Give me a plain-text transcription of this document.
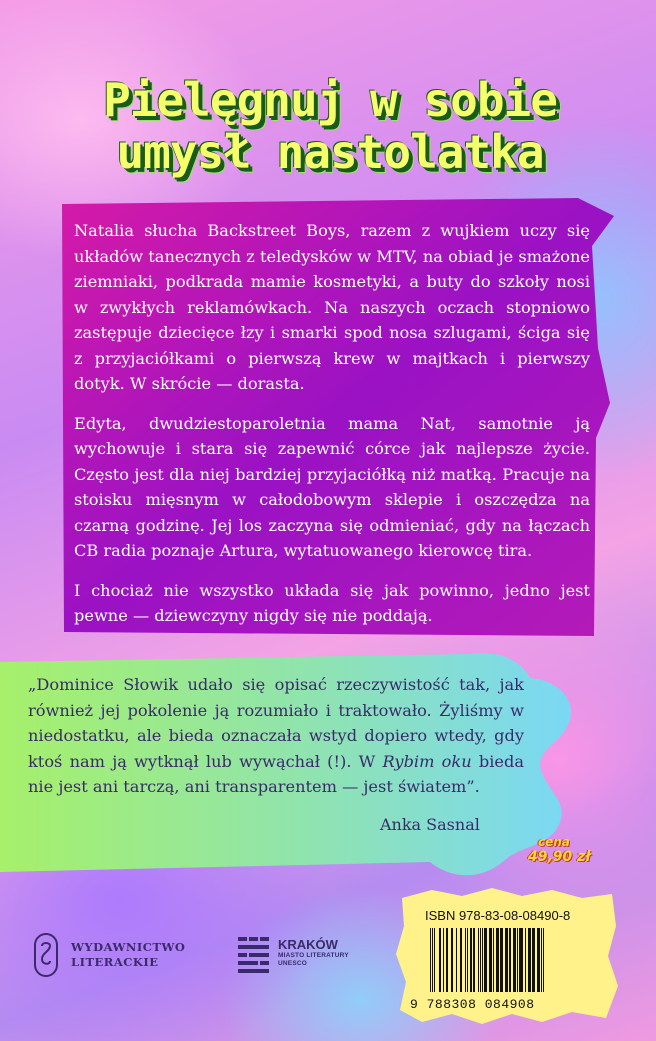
Pielęgnuj w sobie
umysł nastolatka

Natalia słucha Backstreet Boys, razem z wujkiem uczy się układów tanecznych z teledysków w MTV, na obiad je smażone ziemniaki, podkrada mamie kosmetyki, a buty do szkoły nosi w zwykłych reklamówkach. Na naszych oczach stopniowo zastępuje dziecięce łzy i smarki spod nosa szlugami, ściga się z przyjaciółkami o pierwszą krew w majtkach i pierwszy dotyk. W skrócie — dorasta.

Edyta, dwudziestoparoletnia mama Nat, samotnie ją wychowuje i stara się zapewnić córce jak najlepsze życie. Często jest dla niej bardziej przyjaciółką niż matką. Pracuje na stoisku mięsnym w całodobowym sklepie i oszczędza na czarną godzinę. Jej los zaczyna się odmieniać, gdy na łączach CB radia poznaje Artura, wytatuowanego kierowcę tira.

I chociaż nie wszystko układa się jak powinno, jedno jest pewne — dziewczyny nigdy się nie poddają.

„Dominice Słowik udało się opisać rzeczywistość tak, jak również jej pokolenie ją rozumiało i traktowało. Żyliśmy w niedostatku, ale bieda oznaczała wstyd dopiero wtedy, gdy ktoś nam ją wytknął lub wywąchał (!). W Rybim oku bieda nie jest ani tarczą, ani transparentem — jest światem”.

Anka Sasnal
cena
49,90 zł
ISBN 978-83-08-08490-8
9 788308 084908
WYDAWNICTWO
LITERACKIE
KRAKÓW
MIASTO LITERATURY
UNESCO
